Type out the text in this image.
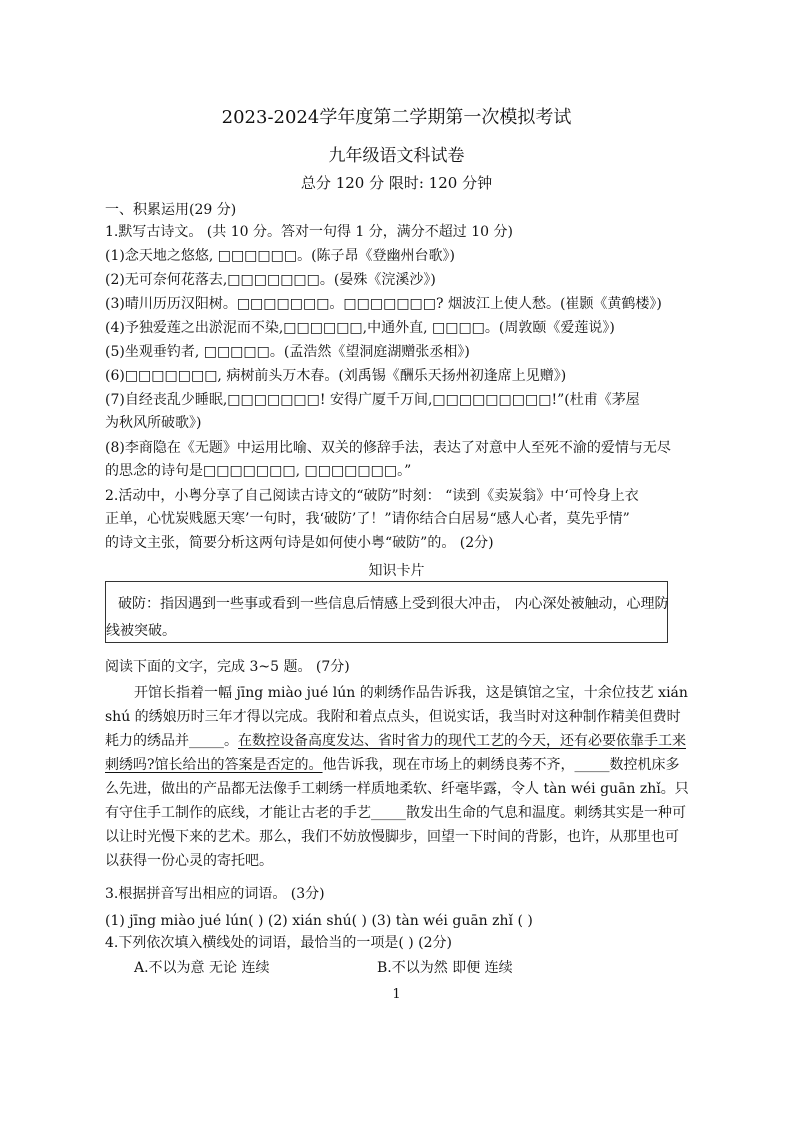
2023-2024学年度第二学期第一次模拟考试
九年级语文科试卷
总分 120 分 限时: 120 分钟
一、积累运用(29 分)
1.默写古诗文。 (共 10 分。答对一句得 1 分，满分不超过 10 分)
(1)念天地之悠悠, □□□□□□。(陈子昂《登幽州台歌》)
(2)无可奈何花落去,□□□□□□□。(晏殊《浣溪沙》)
(3)晴川历历汉阳树。□□□□□□□。□□□□□□□? 烟波江上使人愁。(崔颢《黄鹤楼》)
(4)予独爱莲之出淤泥而不染,□□□□□□,中通外直, □□□□。(周敦颐《爱莲说》)
(5)坐观垂钓者, □□□□□。(孟浩然《望洞庭湖赠张丞相》)
(6)□□□□□□□, 病树前头万木春。(刘禹锡《酬乐天扬州初逢席上见赠》)
(7)自经丧乱少睡眠,□□□□□□□! 安得广厦千万间,□□□□□□□□□!”(杜甫《茅屋
为秋风所破歌》)
(8)李商隐在《无题》中运用比喻、双关的修辞手法，表达了对意中人至死不渝的爱情与无尽
的思念的诗句是□□□□□□□, □□□□□□□。”
2.活动中，小粤分享了自己阅读古诗文的“破防”时刻： “读到《卖炭翁》中‘可怜身上衣
正单，心忧炭贱愿天寒’一句时，我‘破防’了！”请你结合白居易“感人心者，莫先乎情”
的诗文主张，简要分析这两句诗是如何使小粤“破防”的。 (2分)
知识卡片
破防：指因遇到一些事或看到一些信息后情感上受到很大冲击， 内心深处被触动，心理防
线被突破。
阅读下面的文字，完成 3~5 题。 (7分)
开馆长指着一幅 jīng miào jué lún 的刺绣作品告诉我，这是镇馆之宝，十余位技艺 xián
shú 的绣娘历时三年才得以完成。我附和着点点头，但说实话，我当时对这种制作精美但费时
耗力的绣品并_____。在数控设备高度发达、省时省力的现代工艺的今天，还有必要依靠手工来
刺绣吗?馆长给出的答案是否定的。他告诉我，现在市场上的刺绣良莠不齐，_____数控机床多
么先进，做出的产品都无法像手工刺绣一样质地柔软、纤毫毕露，令人 tàn wéi guān zhǐ。只
有守住手工制作的底线，才能让古老的手艺_____散发出生命的气息和温度。刺绣其实是一种可
以让时光慢下来的艺术。那么，我们不妨放慢脚步，回望一下时间的背影，也许，从那里也可
以获得一份心灵的寄托吧。
3.根据拼音写出相应的词语。 (3分)
(1) jīng miào jué lún( ) (2) xián shú( ) (3) tàn wéi guān zhǐ ( )
4.下列依次填入横线处的词语，最恰当的一项是( ) (2分)
A.不以为意 无论 连续	B.不以为然 即便 连续
1
